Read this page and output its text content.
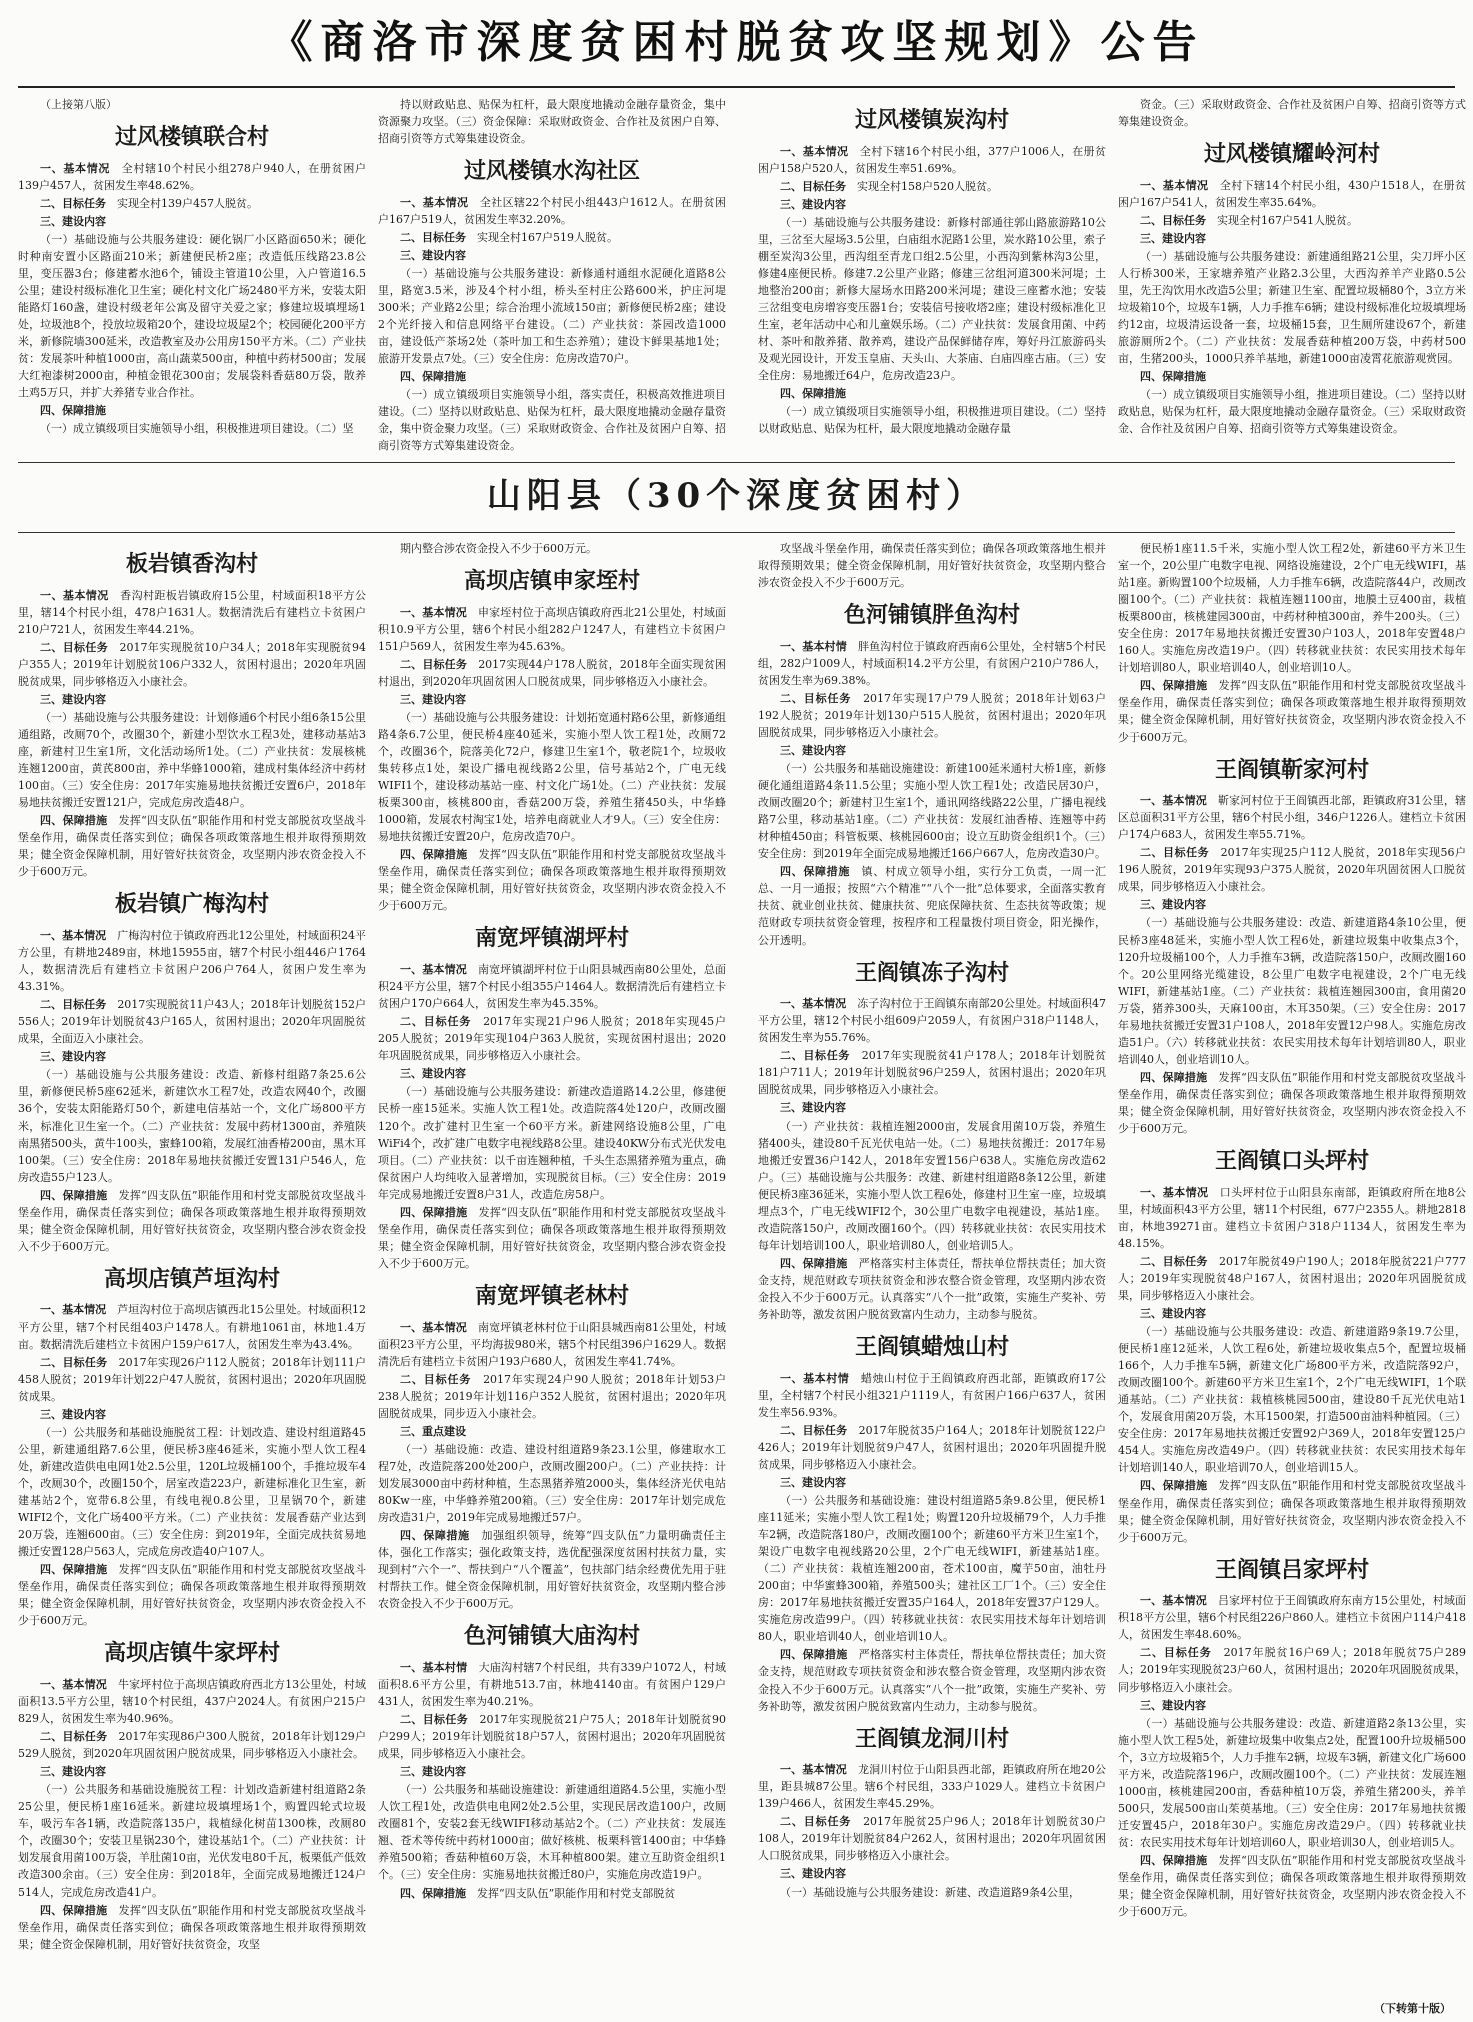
《商洛市深度贫困村脱贫攻坚规划》公告

（上接第八版）

过风楼镇联合村

一、基本情况　 全村辖10个村民小组278户940人，在册贫困户139户457人，贫困发生率48.62%。

二、目标任务　 实现全村139户457人脱贫。

三、建设内容　

（一）基础设施与公共服务建设：硬化锅厂小区路面650米；硬化时种南安置小区路面210米；新建便民桥2座；改造低压线路23.8公里，变压器3台；修建蓄水池6个，铺设主管道10公里，入户管道16.5公里；建设村级标准化卫生室；硬化村文化广场2480平方米，安装太阳能路灯160盏，建设村级老年公寓及留守关爱之家；修建垃圾填埋场1处，垃圾池8个，投放垃圾箱20个，建设垃圾屋2个；校园硬化200平方米，新修院墙300延米，改造教室及办公用房150平方米。（二）产业扶贫：发展茶叶种植1000亩，高山蔬菜500亩，种植中药材500亩；发展大红袍漆树2000亩，种植金银花300亩；发展袋料香菇80万袋，散养土鸡5万只，并扩大养猪专业合作社。

四、保障措施　

（一）成立镇级项目实施领导小组，积极推进项目建设。（二）坚

持以财政贴息、贴保为杠杆，最大限度地撬动金融存量资金，集中资源聚力攻坚。（三）资金保障：采取财政资金、合作社及贫困户自筹、招商引资等方式筹集建设资金。

过风楼镇水沟社区

一、基本情况　 全社区辖22个村民小组443户1612人。在册贫困户167户519人，贫困发生率32.20%。

二、目标任务　 实现全村167户519人脱贫。

三、建设内容　

（一）基础设施与公共服务建设：新修通村通组水泥硬化道路8公里，路宽3.5米，涉及4个村小组，桥头至村庄公路600米，护庄河堤300米；产业路2公里；综合治理小流域150亩；新修便民桥2座；建设2个光纤接入和信息网络平台建设。（二）产业扶贫：茶园改造1000亩，建设低产茶场2处（茶叶加工和生态养殖）；建设卞鲜果基地1处；旅游开发景点7处。（三）安全住房：危房改造70户。

四、保障措施　

（一）成立镇级项目实施领导小组，落实责任，积极高效推进项目建设。（二）坚持以财政贴息、贴保为杠杆，最大限度地撬动金融存量资金，集中资金聚力攻坚。（三）采取财政资金、合作社及贫困户自筹、招商引资等方式筹集建设资金。

过风楼镇炭沟村

一、基本情况　 全村下辖16个村民小组，377户1006人，在册贫困户158户520人，贫困发生率51.69%。

二、目标任务　 实现全村158户520人脱贫。

三、建设内容　

（一）基础设施与公共服务建设：新修村部通往郭山路旅游路10公里，三岔至大屋场3.5公里，白庙组水泥路1公里，炭水路10公里，索子棚至炭沟3公里，西沟组至青龙口组2.5公里，小西沟到紫林沟3公里，修建4座便民桥。修建7.2公里产业路；修建三岔组河道300米河堤；土地整治200亩；新修大屋场水田路200米河堤；建设三座蓄水池；安装三岔组变电房增容变压器1台；安装信号接收塔2座；建设村级标准化卫生室，老年活动中心和儿童娱乐场。（二）产业扶贫：发展食用菌、中药材、茶叶和散养猪、散养鸡，建设产品保鲜储存库，筹好丹江旅游码头及观光园设计，开发玉皇庙、天头山、大茶庙、白庙四座古庙。（三）安全住房：易地搬迁64户，危房改造23户。

四、保障措施　

（一）成立镇级项目实施领导小组，积极推进项目建设。（二）坚持以财政贴息、贴保为杠杆，最大限度地撬动金融存量

资金。（三）采取财政资金、合作社及贫困户自筹、招商引资等方式筹集建设资金。

过风楼镇耀岭河村

一、基本情况　 全村下辖14个村民小组，430户1518人，在册贫困户167户541人，贫困发生率35.64%。

二、目标任务　 实现全村167户541人脱贫。

三、建设内容　

（一）基础设施与公共服务建设：新建通组路21公里，尖刀坪小区人行桥300米，王家塘养殖产业路2.3公里，大西沟养羊产业路0.5公里，先王沟饮用水改造5公里；新建卫生室、配置垃圾桶80个，3立方米垃圾箱10个，垃圾车1辆，人力手推车6辆；建设村级标准化垃圾填埋场约12亩，垃圾清运设备一套，垃圾桶15套，卫生厕所建设67个，新建旅游厕所2个。（二）产业扶贫：发展香菇种植200万袋，中药材500亩，生猪200头，1000只养羊基地，新建1000亩凌霄花旅游观赏园。

四、保障措施　

（一）成立镇级项目实施领导小组，推进项目建设。（二）坚持以财政贴息，贴保为杠杆，最大限度地撬动金融存量资金。（三）采取财政资金、合作社及贫困户自筹、招商引资等方式筹集建设资金。

山阳县（30个深度贫困村）

板岩镇香沟村

一、基本情况　 香沟村距板岩镇政府15公里，村域面积18平方公里，辖14个村民小组，478户1631人。数据清洗后有建档立卡贫困户210户721人，贫困发生率44.21%。

二、目标任务　 2017年实现脱贫10户34人；2018年实现脱贫94户355人；2019年计划脱贫106户332人，贫困村退出；2020年巩固脱贫成果，同步够格迈入小康社会。

三、建设内容　

（一）基础设施与公共服务建设：计划修通6个村民小组6条15公里通组路，改厕70个，改圈30个，新建小型饮水工程3处，建移动基站3座，新建村卫生室1所，文化活动场所1处。（二）产业扶贫：发展核桃连翘1200亩，黄芪800亩，养中华蜂1000箱，建成村集体经济中药材100亩。（三）安全住房：2017年实施易地扶贫搬迁安置6户，2018年易地扶贫搬迁安置121户，完成危房改造48户。

四、保障措施　 发挥“四支队伍”职能作用和村党支部脱贫攻坚战斗堡垒作用，确保责任落实到位；确保各项政策落地生根并取得预期效果；健全资金保障机制，用好管好扶贫资金，攻坚期内涉农资金投入不少于600万元。

板岩镇广梅沟村

一、基本情况　 广梅沟村位于镇政府西北12公里处，村域面积24平方公里，有耕地2489亩，林地15955亩，辖7个村民小组446户1764人，数据清洗后有建档立卡贫困户206户764人，贫困户发生率为43.31%。

二、目标任务　 2017实现脱贫11户43人；2018年计划脱贫152户556人；2019年计划脱贫43户165人，贫困村退出；2020年巩固脱贫成果，全面迈入小康社会。

三、建设内容　

（一）基础设施与公共服务建设：改造、新修村组路7条25.6公里，新修便民桥5座62延米，新建饮水工程7处，改造农网40个，改圈36个，安装太阳能路灯50个，新建电信基站一个，文化广场800平方米，标准化卫生室一个。（二）产业扶贫：发展中药材1300亩，养殖陕南黑猪500头，黄牛100头，蜜蜂100箱，发展红油香椿200亩，黑木耳100架。（三）安全住房：2018年易地扶贫搬迁安置131户546人，危房改造55户123人。

四、保障措施　 发挥“四支队伍”职能作用和村党支部脱贫攻坚战斗堡垒作用，确保责任落实到位；确保各项政策落地生根并取得预期效果；健全资金保障机制，用好管好扶贫资金，攻坚期内整合涉农资金投入不少于600万元。

高坝店镇芦垣沟村

一、基本情况　 芦垣沟村位于高坝店镇西北15公里处。村域面积12平方公里，辖7个村民组403户1478人。有耕地1061亩，林地1.4万亩。数据清洗后建档立卡贫困户159户617人，贫困发生率为43.4%。

二、目标任务　 2017年实现26户112人脱贫；2018年计划111户458人脱贫；2019年计划22户47人脱贫，贫困村退出；2020年巩固脱贫成果。

三、建设内容　

（一）公共服务和基础设施脱贫工程：计划改造、建设村组道路45公里，新建通组路7.6公里，便民桥3座46延米，实施小型人饮工程4处，新建改造供电电网1处2.5公里，120L垃圾桶100个，手推垃圾车4个，改厕30个，改圈150个，居室改造223户，新建标准化卫生室，新建基站2个，宽带6.8公里，有线电视0.8公里，卫星锅70个，新建WIFI2个，文化广场400平方米。（二）产业扶贫：发展香菇产业达到20万袋，连翘600亩。（三）安全住房：到2019年，全面完成扶贫易地搬迁安置128户563人，完成危房改造40户107人。

四、保障措施　 发挥“四支队伍”职能作用和村党支部脱贫攻坚战斗堡垒作用，确保责任落实到位；确保各项政策落地生根并取得预期效果；健全资金保障机制，用好管好扶贫资金，攻坚期内涉农资金投入不少于600万元。

高坝店镇牛家坪村

一、基本情况　 牛家坪村位于高坝店镇政府西北方13公里处，村域面积13.5平方公里，辖10个村民组，437户2024人。有贫困户215户829人，贫困发生率为40.96%。

二、目标任务　 2017年实现86户300人脱贫，2018年计划129户529人脱贫，到2020年巩固贫困户脱贫成果，同步够格迈入小康社会。

三、建设内容　

（一）公共服务和基础设施脱贫工程：计划改造新建村组道路2条25公里，便民桥1座16延米。新建垃圾填埋场1个，购置四轮式垃圾车，吸污车各1辆，改造院落135户，栽植绿化树苗1300株，改厕80个，改圈30个；安装卫星锅230个，建设基站1个。（二）产业扶贫：计划发展食用菌100万袋，羊肚菌10亩，光伏发电80千瓦，板栗低产低效改造300余亩。（三）安全住房：到2018年，全面完成易地搬迁124户514人，完成危房改造41户。

四、保障措施　 发挥“四支队伍”职能作用和村党支部脱贫攻坚战斗堡垒作用，确保责任落实到位；确保各项政策落地生根并取得预期效果；健全资金保障机制，用好管好扶贫资金，攻坚

期内整合涉农资金投入不少于600万元。

高坝店镇申家垤村

一、基本情况　 申家垤村位于高坝店镇政府西北21公里处，村域面积10.9平方公里，辖6个村民小组282户1247人，有建档立卡贫困户151户569人，贫困发生率为45.63%。

二、目标任务　 2017实现44户178人脱贫，2018年全面实现贫困村退出，到2020年巩固贫困人口脱贫成果，同步够格迈入小康社会。

三、建设内容　

（一）基础设施与公共服务建设：计划拓宽通村路6公里，新修通组路4条6.7公里，便民桥4座40延米，实施小型人饮工程1处，改厕72个，改圈36个，院落美化72户，修建卫生室1个，敬老院1个，垃圾收集转移点1处，架设广播电视线路2公里，信号基站2个，广电无线WIFI1个，建设移动基站一座、村文化广场1处。（二）产业扶贫：发展板栗300亩，核桃800亩，香菇200万袋，养殖生猪450头，中华蜂1000箱，发展农村淘宝1处，培养电商就业人才9人。（三）安全住房：易地扶贫搬迁安置20户，危房改造70户。

四、保障措施　 发挥“四支队伍”职能作用和村党支部脱贫攻坚战斗堡垒作用，确保责任落实到位；确保各项政策落地生根并取得预期效果；健全资金保障机制，用好管好扶贫资金，攻坚期内涉农资金投入不少于600万元。

南宽坪镇湖坪村

一、基本情况　 南宽坪镇湖坪村位于山阳县城西南80公里处，总面积24平方公里，辖7个村民小组355户1464人。数据清洗后有建档立卡贫困户170户664人，贫困发生率为45.35%。

二、目标任务　 2017年实现21户96人脱贫；2018年实现45户205人脱贫；2019年实现104户363人脱贫，实现贫困村退出；2020年巩固脱贫成果，同步够格迈入小康社会。

三、建设内容　

（一）基础设施与公共服务建设：新建改造道路14.2公里，修建便民桥一座15延米。实施人饮工程1处。改造院落4处120户，改厕改圈120个。改扩建村卫生室一个60平方米。新建网络设施8公里，广电WiFi4个，改扩建广电数字电视线路8公里。建设40KW分布式光伏发电项目。（二）产业扶贫：以千亩连翘种植，千头生态黑猪养殖为重点，确保贫困户人均纯收入显著增加，实现脱贫目标。（三）安全住房：2019年完成易地搬迁安置8户31人，改造危房58户。

四、保障措施　 发挥“四支队伍”职能作用和村党支部脱贫攻坚战斗堡垒作用，确保责任落实到位；确保各项政策落地生根并取得预期效果；健全资金保障机制，用好管好扶贫资金，攻坚期内整合涉农资金投入不少于600万元。

南宽坪镇老林村

一、基本情况　 南宽坪镇老林村位于山阳县城西南81公里处，村域面积23平方公里，平均海拔980米，辖5个村民组396户1629人。数据清洗后有建档立卡贫困户193户680人，贫困发生率41.74%。

二、目标任务　 2017年实现24户90人脱贫；2018年计划53户238人脱贫；2019年计划116户352人脱贫，贫困村退出；2020年巩固脱贫成果，同步迈入小康社会。

三、重点建设　

（一）基础设施：改造、建设村组道路9条23.1公里，修建取水工程7处，改造院落200处200户，改厕改圈200户。（二）产业扶持：计划发展3000亩中药材种植，生态黑猪养殖2000头，集体经济光伏电站80Kw一座，中华蜂养殖200箱。（三）安全住房：2017年计划完成危房改造31户，2019年完成易地搬迁57户。

四、保障措施　 加强组织领导，统筹“四支队伍”力量明确责任主体，强化工作落实；强化政策支持，选优配强深度贫困村扶贫力量，实现到村“六个一”、帮扶到户“八个覆盖”，包扶部门结余经费优先用于驻村帮扶工作。健全资金保障机制，用好管好扶贫资金，攻坚期内整合涉农资金投入不少于600万元。

色河铺镇大庙沟村

一、基本村情　 大庙沟村辖7个村民组，共有339户1072人，村域面积8.6平方公里，有耕地513.7亩，林地4140亩。有贫困户129户431人，贫困发生率为40.21%。

二、目标任务　 2017年实现脱贫21户75人；2018年计划脱贫90户299人；2019年计划脱贫18户57人，贫困村退出；2020年巩固脱贫成果，同步够格迈入小康社会。

三、建设内容　

（一）公共服务和基础设施建设：新建通组道路4.5公里，实施小型人饮工程1处，改造供电电网2处2.5公里，实现民居改造100户，改厕改圈81个，安装2套无线WIFI移动基站2个。（二）产业扶贫：发展连翘、苍术等传统中药材1000亩；做好核桃、板栗科管1400亩；中华蜂养殖500箱；香菇种植60万袋，木耳种植800架。建立互助资金组织1个。（三）安全住房：实施易地扶贫搬迁80户，实施危房改造19户。

四、保障措施　 发挥“四支队伍”职能作用和村党支部脱贫

攻坚战斗堡垒作用，确保责任落实到位；确保各项政策落地生根并取得预期效果；健全资金保障机制，用好管好扶贫资金，攻坚期内整合涉农资金投入不少于600万元。

色河铺镇胖鱼沟村

一、基本村情　 胖鱼沟村位于镇政府西南6公里处，全村辖5个村民组，282户1009人，村域面积14.2平方公里，有贫困户210户786人，贫困发生率为69.38%。

二、目标任务　 2017年实现17户79人脱贫；2018年计划63户192人脱贫；2019年计划130户515人脱贫，贫困村退出；2020年巩固脱贫成果，同步够格迈入小康社会。

三、建设内容　

（一）公共服务和基础设施建设：新建100延米通村大桥1座，新修硬化通组道路4条11.5公里；实施小型人饮工程1处；改造民居30户，改厕改圈20个；新建村卫生室1个，通讯网络线路22公里，广播电视线路7公里，移动基站1座。（二）产业扶贫：发展红油香椿、连翘等中药材种植450亩；科管板栗、核桃园600亩；设立互助资金组织1个。（三）安全住房：到2019年全面完成易地搬迁166户667人，危房改造30户。

四、保障措施　 镇、村成立领导小组，实行分工负责，一周一汇总、一月一通报；按照“六个精准”“八个一批”总体要求，全面落实教育扶贫、就业创业扶贫、健康扶贫、兜底保障扶贫、生态扶贫等政策；规范财政专项扶贫资金管理，按程序和工程量拨付项目资金，阳光操作，公开透明。

王阎镇冻子沟村

一、基本情况　 冻子沟村位于王阎镇东南部20公里处。村域面积47平方公里，辖12个村民小组609户2059人，有贫困户318户1148人，贫困发生率为55.76%。

二、目标任务　 2017年实现脱贫41户178人；2018年计划脱贫181户711人；2019年计划脱贫96户259人，贫困村退出；2020年巩固脱贫成果，同步够格迈入小康社会。

三、建设内容　

（一）产业扶贫：栽植连翘2000亩，发展食用菌10万袋，养殖生猪400头，建设80千瓦光伏电站一处。（二）易地扶贫搬迁：2017年易地搬迁安置36户142人，2018年安置156户638人。实施危房改造62户。（三）基础设施与公共服务：改建、新建村组道路8条12公里，新建便民桥3座36延米，实施小型人饮工程6处，修建村卫生室一座，垃圾填埋点3个，广电无线WIFI2个，30公里广电数字电视建设，基站1座。改造院落150户，改厕改圈160个。（四）转移就业扶贫：农民实用技术每年计划培训100人，职业培训80人，创业培训5人。

四、保障措施　 严格落实村主体责任，帮扶单位帮扶责任；加大资金支持，规范财政专项扶贫资金和涉农整合资金管理，攻坚期内涉农资金投入不少于600万元。认真落实“八个一批”政策，实施生产奖补、劳务补助等，激发贫困户脱贫致富内生动力，主动参与脱贫。

王阎镇蜡烛山村

一、基本村情　 蜡烛山村位于王阎镇政府西北部，距镇政府17公里，全村辖7个村民小组321户1119人，有贫困户166户637人，贫困发生率56.93%。

二、目标任务　 2017年脱贫35户164人；2018年计划脱贫122户426人；2019年计划脱贫9户47人，贫困村退出；2020年巩固提升脱贫成果，同步够格迈入小康社会。

三、建设内容　

（一）公共服务和基础设施：建设村组道路5条9.8公里，便民桥1座11延米；实施小型人饮工程1处；购置120升垃圾桶79个，人力手推车2辆，改造院落180户，改厕改圈100个；新建60平方米卫生室1个，架设广电数字电视线路20公里，2个广电无线WIFI，新建基站1座。（二）产业扶贫：栽植连翘200亩，苍术100亩，魔芋50亩，油牡丹200亩；中华蜜蜂300箱，养殖500头；建社区工厂1个。（三）安全住房：2017年易地扶贫搬迁安置35户164人，2018年安置37户129人。实施危房改造99户。（四）转移就业扶贫：农民实用技术每年计划培训80人，职业培训40人，创业培训10人。

四、保障措施　 严格落实村主体责任，帮扶单位帮扶责任；加大资金支持，规范财政专项扶贫资金和涉农整合资金管理，攻坚期内涉农资金投入不少于600万元。认真落实“八个一批”政策，实施生产奖补、劳务补助等，激发贫困户脱贫致富内生动力，主动参与脱贫。

王阎镇龙洞川村

一、基本情况　 龙洞川村位于山阳县西北部，距镇政府所在地20公里，距县城87公里。辖6个村民组，333户1029人。建档立卡贫困户139户466人，贫困发生率45.29%。

二、目标任务　 2017年脱贫25户96人；2018年计划脱贫30户108人，2019年计划脱贫84户262人，贫困村退出；2020年巩固贫困人口脱贫成果，同步够格迈入小康社会。

三、建设内容　

（一）基础设施与公共服务建设：新建、改造道路9条4公里，

便民桥1座11.5千米，实施小型人饮工程2处，新建60平方米卫生室一个，20公里广电数字电视、网络设施建设，2个广电无线WIFI，基站1座。新购置100个垃圾桶，人力手推车6辆，改造院落44户，改厕改圈100个。（二）产业扶贫：栽植连翘1100亩，地膜土豆400亩，栽植板栗800亩，核桃建园300亩，中药材种植300亩，养牛200头。（三）安全住房：2017年易地扶贫搬迁安置30户103人，2018年安置48户160人。实施危房改造19户。（四）转移就业扶贫：农民实用技术每年计划培训80人，职业培训40人，创业培训10人。

四、保障措施　 发挥“四支队伍”职能作用和村党支部脱贫攻坚战斗堡垒作用，确保责任落实到位；确保各项政策落地生根并取得预期效果；健全资金保障机制，用好管好扶贫资金，攻坚期内涉农资金投入不少于600万元。

王阎镇靳家河村

一、基本情况　 靳家河村位于王阎镇西北部，距镇政府31公里，辖区总面积31平方公里，辖6个村民小组，346户1226人。建档立卡贫困户174户683人，贫困发生率55.71%。

二、目标任务　 2017年实现25户112人脱贫，2018年实现56户196人脱贫，2019年实现93户375人脱贫，2020年巩固贫困人口脱贫成果，同步够格迈入小康社会。

三、建设内容　

（一）基础设施与公共服务建设：改造、新建道路4条10公里，便民桥3座48延米，实施小型人饮工程6处，新建垃圾集中收集点3个，120升垃圾桶100个，人力手推车3辆，改造院落150户，改厕改圈160个。20公里网络光缆建设，8公里广电数字电视建设，2个广电无线WIFI，新建基站1座。（二）产业扶贫：栽植连翘园300亩，食用菌20万袋，猪养300头，天麻100亩，木耳350架。（三）安全住房：2017年易地扶贫搬迁安置31户108人，2018年安置12户98人。实施危房改造51户。（六）转移就业扶贫：农民实用技术每年计划培训80人，职业培训40人，创业培训10人。

四、保障措施　 发挥“四支队伍”职能作用和村党支部脱贫攻坚战斗堡垒作用，确保责任落实到位；确保各项政策落地生根并取得预期效果；健全资金保障机制，用好管好扶贫资金，攻坚期内涉农资金投入不少于600万元。

王阎镇口头坪村

一、基本情况　 口头坪村位于山阳县东南部，距镇政府所在地8公里，村域面积43平方公里，辖11个村民组，677户2355人。耕地2818亩，林地39271亩。建档立卡贫困户318户1134人，贫困发生率为48.15%。

二、目标任务　 2017年脱贫49户190人；2018年脱贫221户777人；2019年实现脱贫48户167人，贫困村退出；2020年巩固脱贫成果，同步够格迈入小康社会。

三、建设内容　

（一）基础设施与公共服务建设：改造、新建道路9条19.7公里，便民桥1座12延米，人饮工程6处，新建垃圾收集点5个，配置垃圾桶166个，人力手推车5辆，新建文化广场800平方米，改造院落92户，改厕改圈100个。新建60平方米卫生室1个，2个广电无线WIFI，1个联通基站。（二）产业扶贫：栽植核桃园500亩，建设80千瓦光伏电站1个，发展食用菌20万袋，木耳1500架，打造500亩油料种植园。（三）安全住房：2017年易地扶贫搬迁安置92户369人，2018年安置125户454人。实施危房改造49户。（四）转移就业扶贫：农民实用技术每年计划培训140人，职业培训70人，创业培训15人。

四、保障措施　 发挥“四支队伍”职能作用和村党支部脱贫攻坚战斗堡垒作用，确保责任落实到位；确保各项政策落地生根并取得预期效果；健全资金保障机制，用好管好扶贫资金，攻坚期内涉农资金投入不少于600万元。

王阎镇吕家坪村

一、基本情况　 吕家坪村位于王阎镇政府东南方15公里处，村域面积18平方公里，辖6个村民组226户860人。建档立卡贫困户114户418人，贫困发生率48.60%。

二、目标任务　 2017年脱贫16户69人；2018年脱贫75户289人；2019年实现脱贫23户60人，贫困村退出；2020年巩固脱贫成果，同步够格迈入小康社会。

三、建设内容　

（一）基础设施与公共服务建设：改造、新建道路2条13公里，实施小型人饮工程5处，新建垃圾集中收集点2处，配置100升垃圾桶500个，3立方垃圾箱5个，人力手推车2辆，垃圾车3辆，新建文化广场600平方米，改造院落196户，改厕改圈100个。（二）产业扶贫：发展连翘1000亩，核桃建园200亩，香菇种植10万袋，养殖生猪200头，养羊500只，发展500亩山茱萸基地。（三）安全住房：2017年易地扶贫搬迁安置45户，2018年30户。实施危房改造29户。（四）转移就业扶贫：农民实用技术每年计划培训60人，职业培训30人，创业培训5人。

四、保障措施　 发挥“四支队伍”职能作用和村党支部脱贫攻坚战斗堡垒作用，确保责任落实到位；确保各项政策落地生根并取得预期效果；健全资金保障机制，用好管好扶贫资金，攻坚期内涉农资金投入不少于600万元。

（下转第十版）
